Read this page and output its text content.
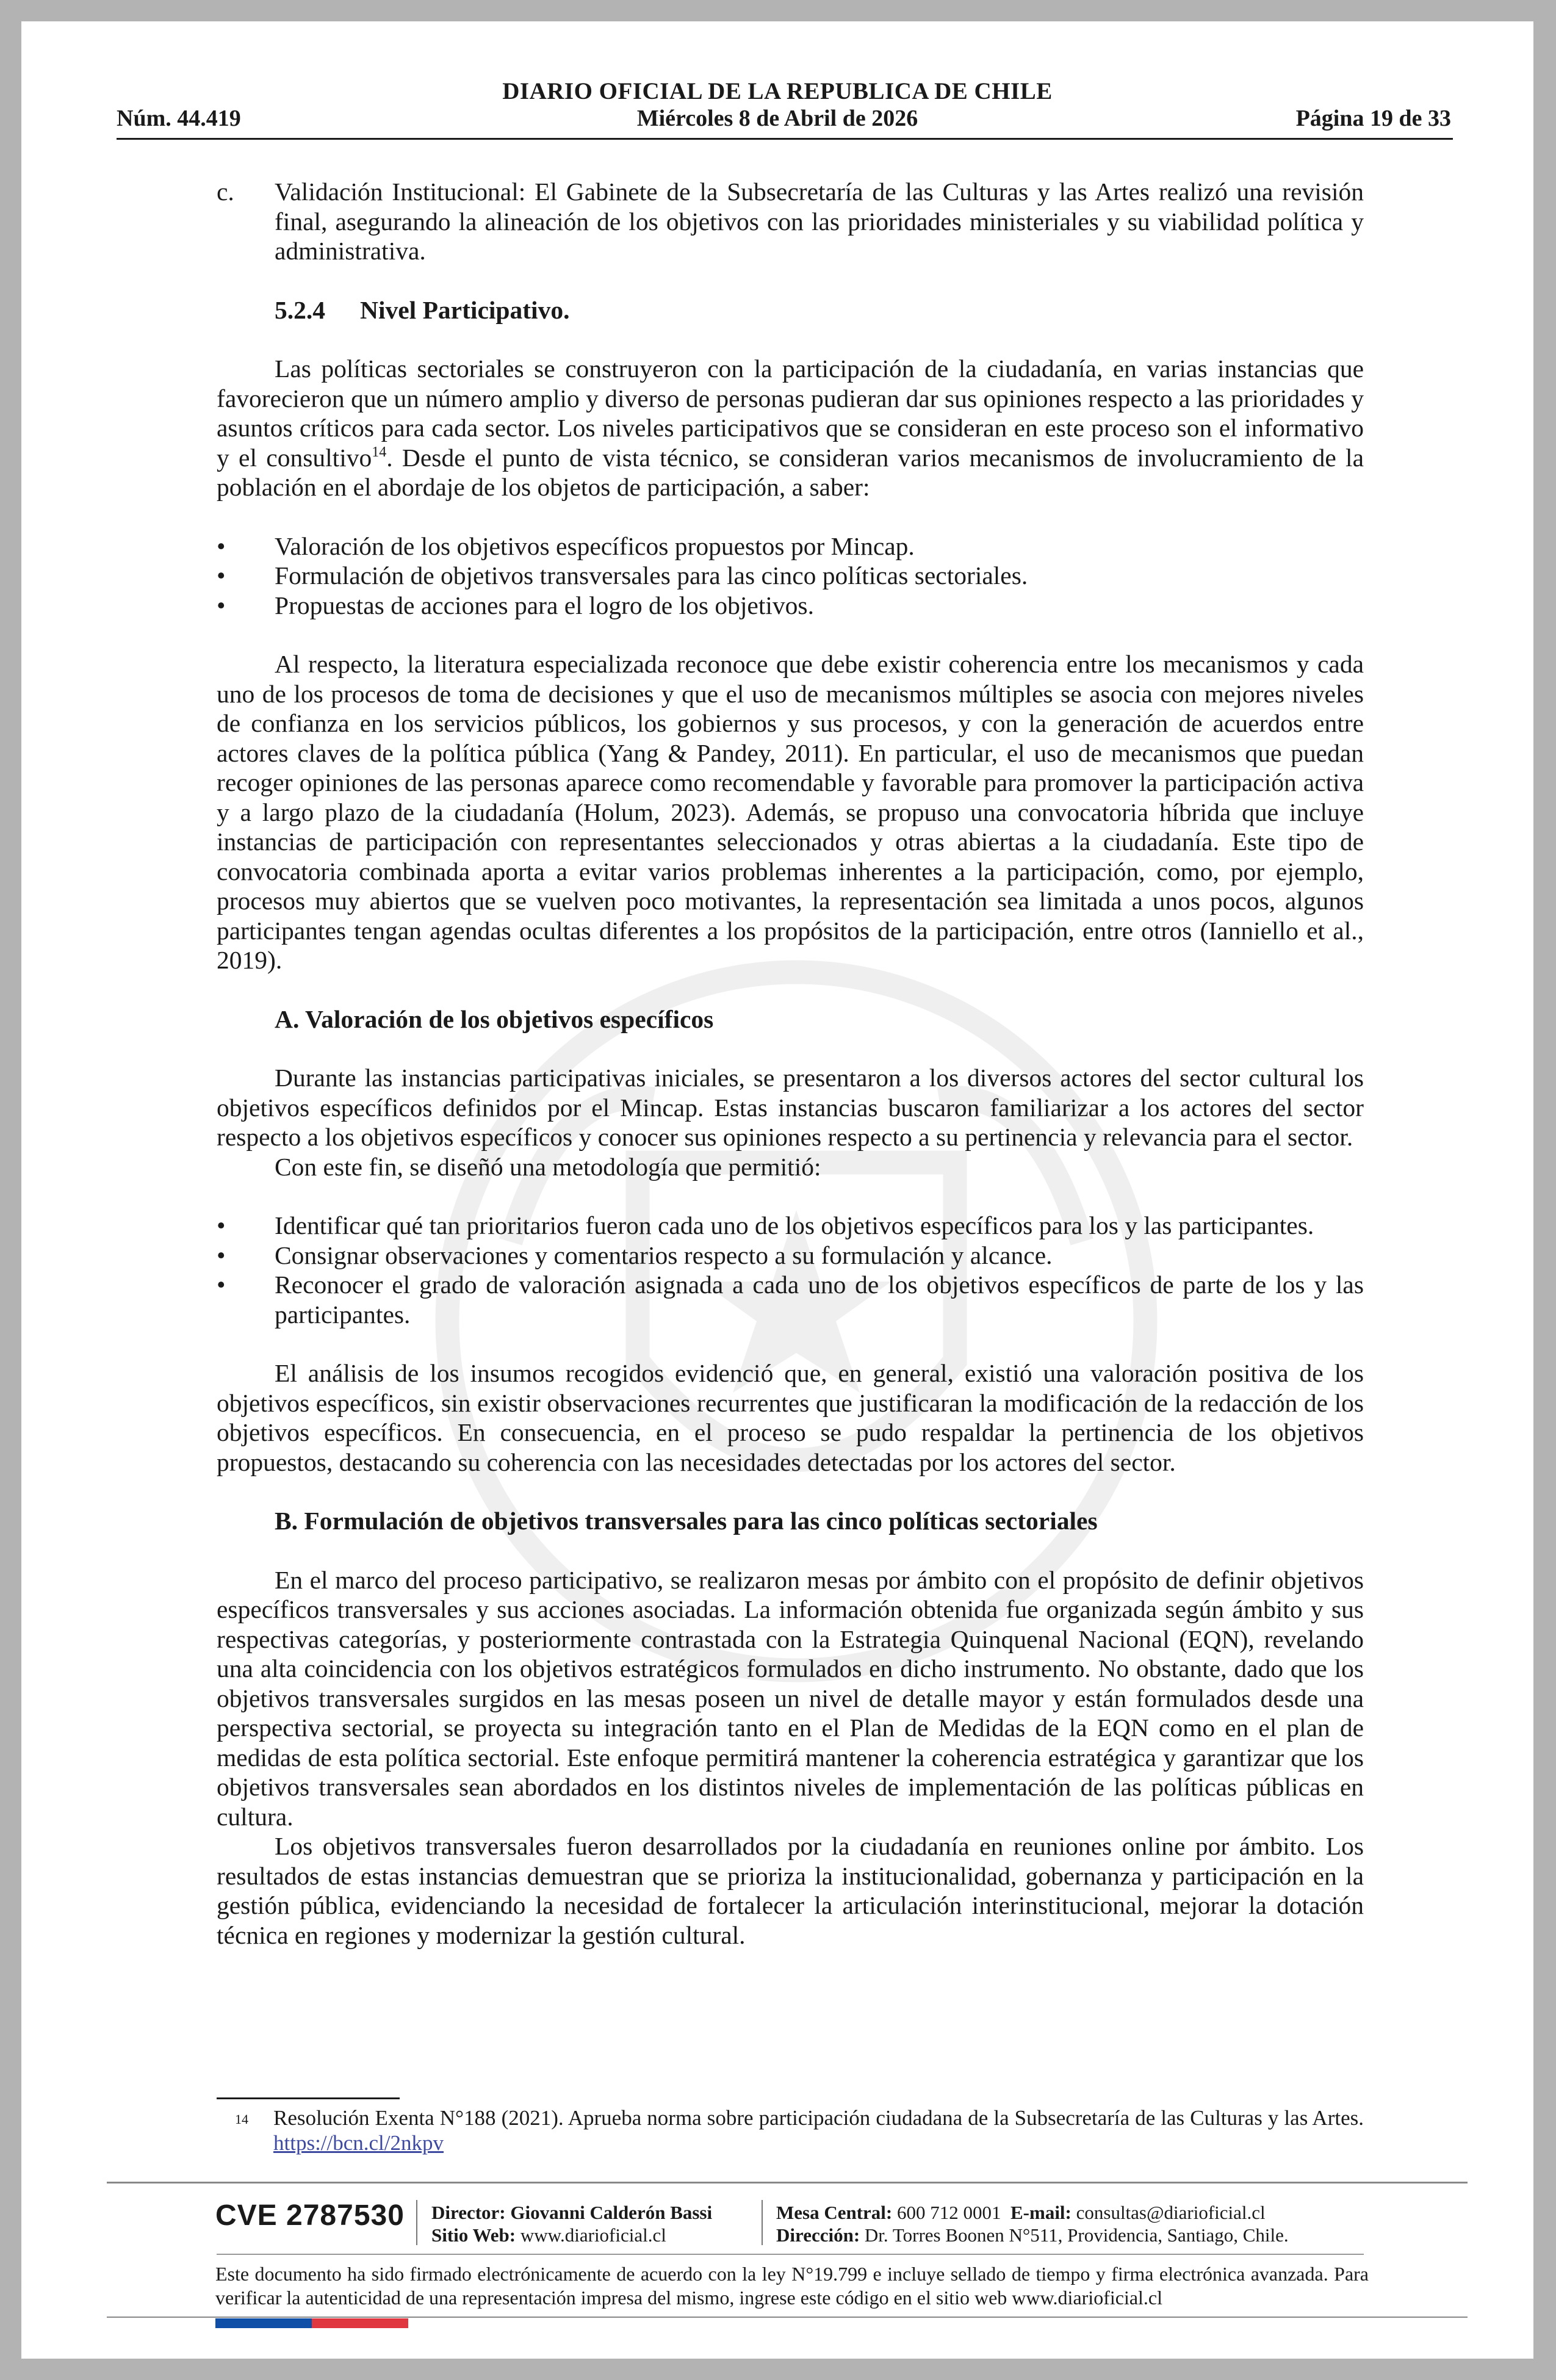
DIARIO OFICIAL DE LA REPUBLICA DE CHILE
Miércoles 8 de Abril de 2026
Núm. 44.419	Página 19 de 33

c. Validación Institucional: El Gabinete de la Subsecretaría de las Culturas y las Artes realizó una revisión final, asegurando la alineación de los objetivos con las prioridades ministeriales y su viabilidad política y administrativa.

5.2.4 Nivel Participativo.

Las políticas sectoriales se construyeron con la participación de la ciudadanía, en varias instancias que favorecieron que un número amplio y diverso de personas pudieran dar sus opiniones respecto a las prioridades y asuntos críticos para cada sector. Los niveles participativos que se consideran en este proceso son el informativo y el consultivo$^{14}$. Desde el punto de vista técnico, se consideran varios mecanismos de involucramiento de la población en el abordaje de los objetos de participación, a saber:

• Valoración de los objetivos específicos propuestos por Mincap.

• Formulación de objetivos transversales para las cinco políticas sectoriales.

• Propuestas de acciones para el logro de los objetivos.

Al respecto, la literatura especializada reconoce que debe existir coherencia entre los mecanismos y cada uno de los procesos de toma de decisiones y que el uso de mecanismos múltiples se asocia con mejores niveles de confianza en los servicios públicos, los gobiernos y sus procesos, y con la generación de acuerdos entre actores claves de la política pública (Yang & Pandey, 2011). En particular, el uso de mecanismos que puedan recoger opiniones de las personas aparece como recomendable y favorable para promover la participación activa y a largo plazo de la ciudadanía (Holum, 2023). Además, se propuso una convocatoria híbrida que incluye instancias de participación con representantes seleccionados y otras abiertas a la ciudadanía. Este tipo de convocatoria combinada aporta a evitar varios problemas inherentes a la participación, como, por ejemplo, procesos muy abiertos que se vuelven poco motivantes, la representación sea limitada a unos pocos, algunos participantes tengan agendas ocultas diferentes a los propósitos de la participación, entre otros (Ianniello et al., 2019).

A. Valoración de los objetivos específicos

Durante las instancias participativas iniciales, se presentaron a los diversos actores del sector cultural los objetivos específicos definidos por el Mincap. Estas instancias buscaron familiarizar a los actores del sector respecto a los objetivos específicos y conocer sus opiniones respecto a su pertinencia y relevancia para el sector.

Con este fin, se diseñó una metodología que permitió:

• Identificar qué tan prioritarios fueron cada uno de los objetivos específicos para los y las participantes.

• Consignar observaciones y comentarios respecto a su formulación y alcance.

• Reconocer el grado de valoración asignada a cada uno de los objetivos específicos de parte de los y las participantes.

El análisis de los insumos recogidos evidenció que, en general, existió una valoración positiva de los objetivos específicos, sin existir observaciones recurrentes que justificaran la modificación de la redacción de los objetivos específicos. En consecuencia, en el proceso se pudo respaldar la pertinencia de los objetivos propuestos, destacando su coherencia con las necesidades detectadas por los actores del sector.

B. Formulación de objetivos transversales para las cinco políticas sectoriales

En el marco del proceso participativo, se realizaron mesas por ámbito con el propósito de definir objetivos específicos transversales y sus acciones asociadas. La información obtenida fue organizada según ámbito y sus respectivas categorías, y posteriormente contrastada con la Estrategia Quinquenal Nacional (EQN), revelando una alta coincidencia con los objetivos estratégicos formulados en dicho instrumento. No obstante, dado que los objetivos transversales surgidos en las mesas poseen un nivel de detalle mayor y están formulados desde una perspectiva sectorial, se proyecta su integración tanto en el Plan de Medidas de la EQN como en el plan de medidas de esta política sectorial. Este enfoque permitirá mantener la coherencia estratégica y garantizar que los objetivos transversales sean abordados en los distintos niveles de implementación de las políticas públicas en cultura.

Los objetivos transversales fueron desarrollados por la ciudadanía en reuniones online por ámbito. Los resultados de estas instancias demuestran que se prioriza la institucionalidad, gobernanza y participación en la gestión pública, evidenciando la necesidad de fortalecer la articulación interinstitucional, mejorar la dotación técnica en regiones y modernizar la gestión cultural.

14	Resolución Exenta N°188 (2021). Aprueba norma sobre participación ciudadana de la Subsecretaría de las Culturas y las Artes. https://bcn.cl/2nkpv
CVE 2787530 Director: Giovanni Calderón Bassi
Sitio Web: www.diarioficial.cl
Mesa Central: 600 712 0001 E-mail: consultas@diarioficial.cl
Dirección: Dr. Torres Boonen N°511, Providencia, Santiago, Chile.
Este documento ha sido firmado electrónicamente de acuerdo con la ley N°19.799 e incluye sellado de tiempo y firma electrónica avanzada. Para verificar la autenticidad de una representación impresa del mismo, ingrese este código en el sitio web www.diarioficial.cl
